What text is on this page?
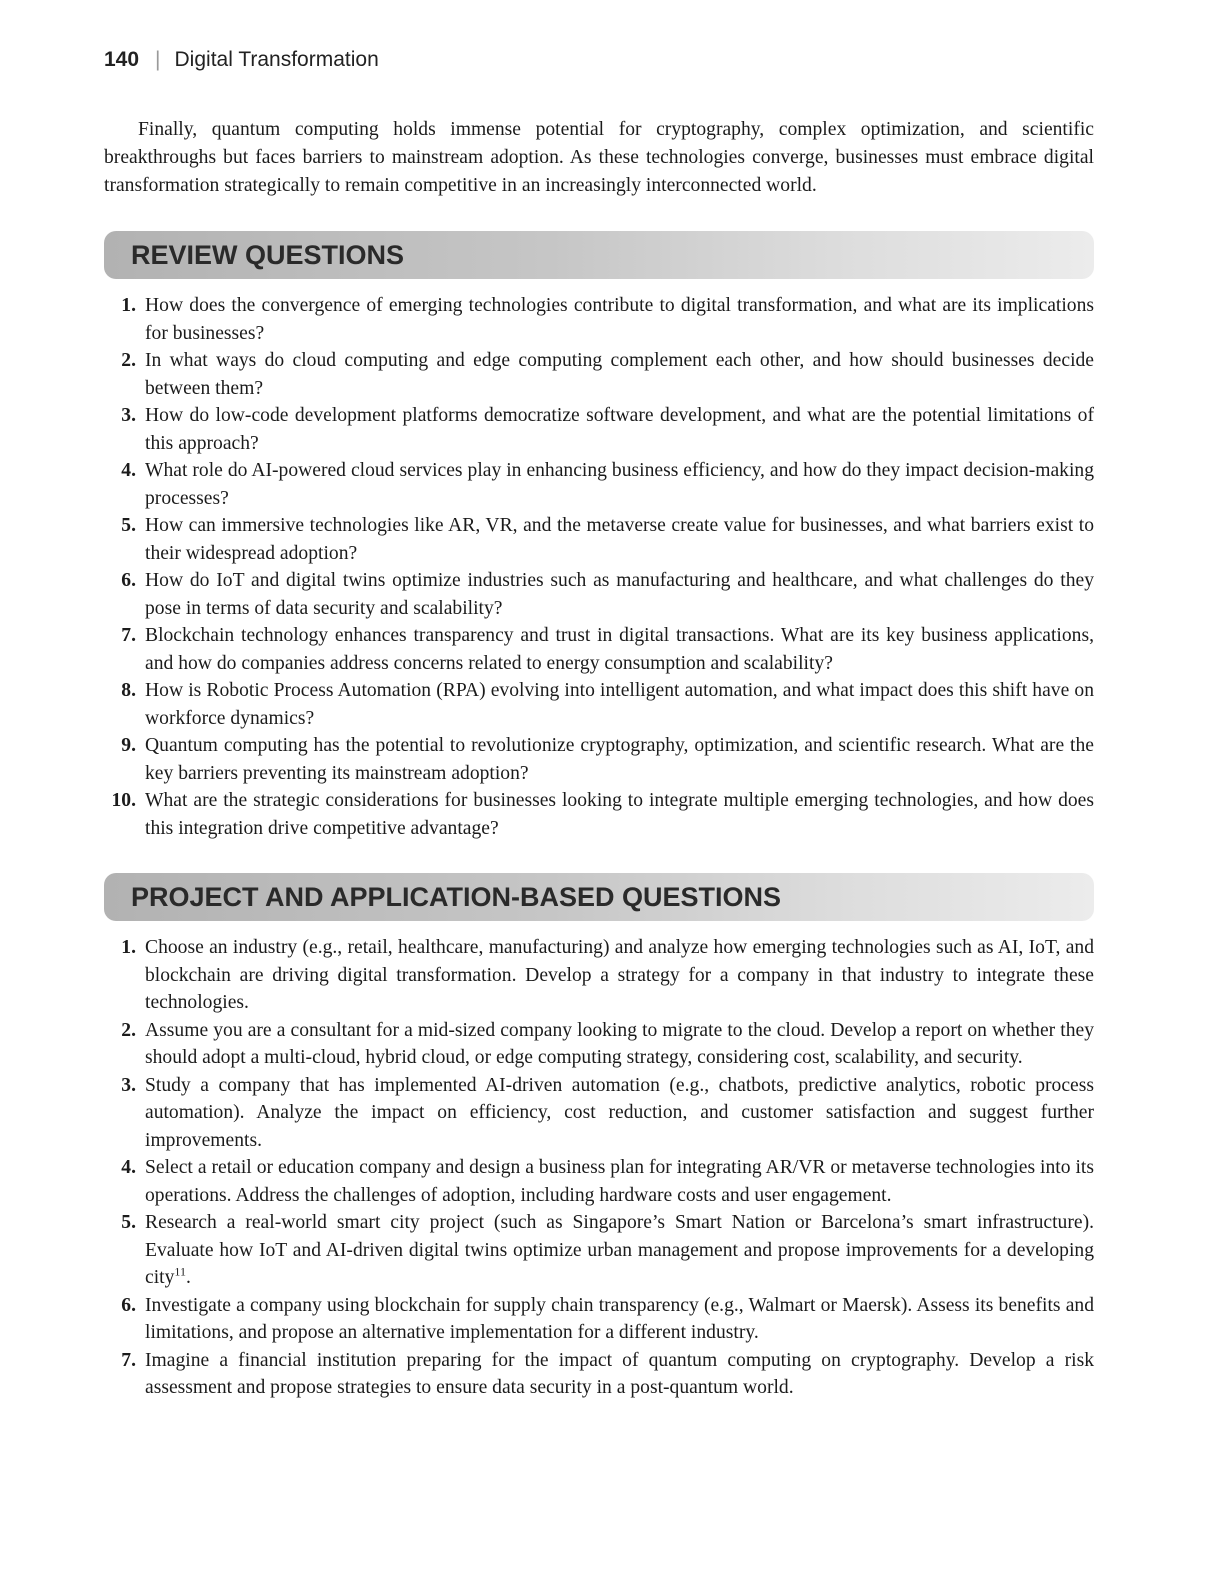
140 | Digital Transformation

Finally, quantum computing holds immense potential for cryptography, complex optimization, and scientific breakthroughs but faces barriers to mainstream adoption. As these technologies converge, businesses must embrace digital transformation strategically to remain competitive in an increasingly interconnected world.

REVIEW QUESTIONS
1. How does the convergence of emerging technologies contribute to digital transformation, and what are its implications for businesses?
2. In what ways do cloud computing and edge computing complement each other, and how should businesses decide between them?
3. How do low-code development platforms democratize software development, and what are the potential limitations of this approach?
4. What role do AI-powered cloud services play in enhancing business efficiency, and how do they impact decision-making processes?
5. How can immersive technologies like AR, VR, and the metaverse create value for businesses, and what barriers exist to their widespread adoption?
6. How do IoT and digital twins optimize industries such as manufacturing and healthcare, and what challenges do they pose in terms of data security and scalability?
7. Blockchain technology enhances transparency and trust in digital transactions. What are its key business applications, and how do companies address concerns related to energy consumption and scalability?
8. How is Robotic Process Automation (RPA) evolving into intelligent automation, and what impact does this shift have on workforce dynamics?
9. Quantum computing has the potential to revolutionize cryptography, optimization, and scientific research. What are the key barriers preventing its mainstream adoption?
10. What are the strategic considerations for businesses looking to integrate multiple emerging technologies, and how does this integration drive competitive advantage?
PROJECT AND APPLICATION-BASED QUESTIONS
1. Choose an industry (e.g., retail, healthcare, manufacturing) and analyze how emerging technologies such as AI, IoT, and blockchain are driving digital transformation. Develop a strategy for a company in that industry to integrate these technologies.
2. Assume you are a consultant for a mid-sized company looking to migrate to the cloud. Develop a report on whether they should adopt a multi-cloud, hybrid cloud, or edge computing strategy, considering cost, scalability, and security.
3. Study a company that has implemented AI-driven automation (e.g., chatbots, predictive analytics, robotic process automation). Analyze the impact on efficiency, cost reduction, and customer satisfaction and suggest further improvements.
4. Select a retail or education company and design a business plan for integrating AR/VR or metaverse technologies into its operations. Address the challenges of adoption, including hardware costs and user engagement.
5. Research a real-world smart city project (such as Singapore’s Smart Nation or Barcelona’s smart infrastructure). Evaluate how IoT and AI-driven digital twins optimize urban management and propose improvements for a developing city$^{11}$.
6. Investigate a company using blockchain for supply chain transparency (e.g., Walmart or Maersk). Assess its benefits and limitations, and propose an alternative implementation for a different industry.
7. Imagine a financial institution preparing for the impact of quantum computing on cryptography. Develop a risk assessment and propose strategies to ensure data security in a post-quantum world.
